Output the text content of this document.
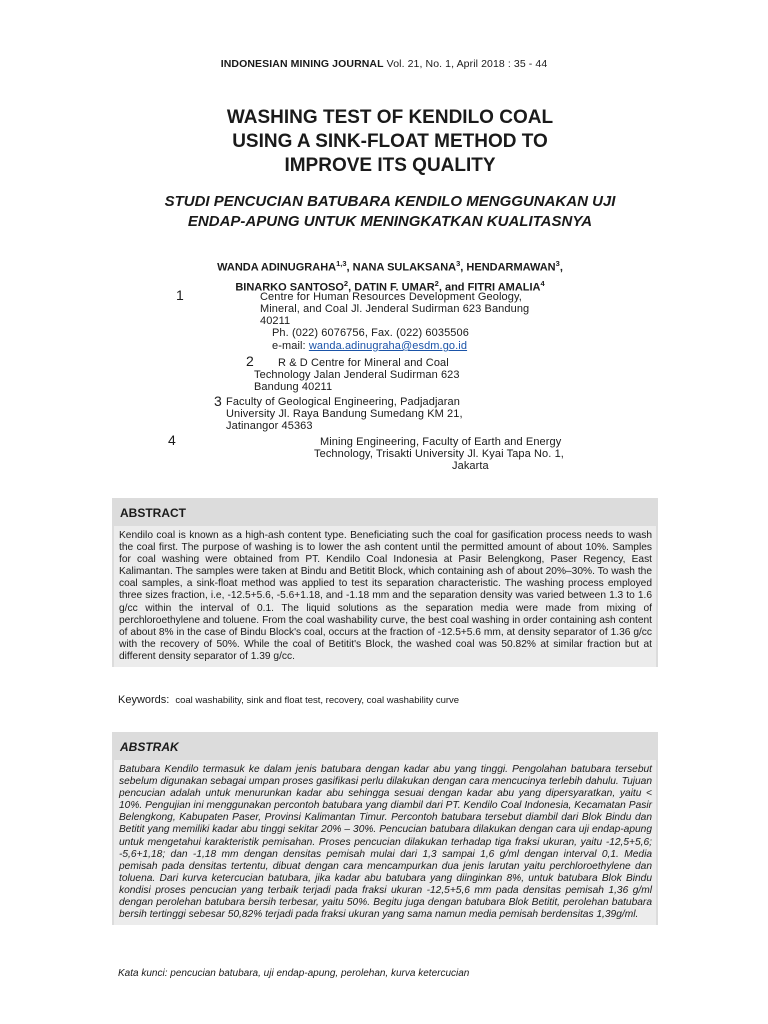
INDONESIAN MINING JOURNAL Vol. 21, No. 1, April 2018 : 35 - 44
WASHING TEST OF KENDILO COAL
USING A SINK-FLOAT METHOD TO
IMPROVE ITS QUALITY
STUDI PENCUCIAN BATUBARA KENDILO MENGGUNAKAN UJI
ENDAP-APUNG UNTUK MENINGKATKAN KUALITASNYA
WANDA ADINUGRAHA$^{1,3}$, NANA SULAKSANA$^3$, HENDARMAWAN$^3$,
BINARKO SANTOSO$^2$, DATIN F. UMAR$^2$, and FITRI AMALIA$^4$
1	Centre for Human Resources Development Geology,
Mineral, and Coal Jl. Jenderal Sudirman 623 Bandung
40211
Ph. (022) 6076756, Fax. (022) 6035506
e-mail: wanda.adinugraha@esdm.go.id
2 R & D Centre for Mineral and Coal
Technology Jalan Jenderal Sudirman 623
Bandung 40211
3 Faculty of Geological Engineering, Padjadjaran
University Jl. Raya Bandung Sumedang KM 21,
Jatinangor 45363
4	Mining Engineering, Faculty of Earth and Energy
Technology, Trisakti University Jl. Kyai Tapa No. 1,
Jakarta
ABSTRACT
Kendilo coal is known as a high-ash content type. Beneficiating such the coal for gasification process needs to wash the coal first. The purpose of washing is to lower the ash content until the permitted amount of about 10%. Samples for coal washing were obtained from PT. Kendilo Coal Indonesia at Pasir Belengkong, Paser Regency, East Kalimantan. The samples were taken at Bindu and Betitit Block, which containing ash of about 20%–30%. To wash the coal samples, a sink-float method was applied to test its separation characteristic. The washing process employed three sizes fraction, i.e, -12.5+5.6, -5.6+1.18, and -1.18 mm and the separation density was varied between 1.3 to 1.6 g/cc within the interval of 0.1. The liquid solutions as the separation media were made from mixing of perchloroethylene and toluene. From the coal washability curve, the best coal washing in order containing ash content of about 8% in the case of Bindu Block's coal, occurs at the fraction of -12.5+5.6 mm, at density separator of 1.36 g/cc with the recovery of 50%. While the coal of Betitit's Block, the washed coal was 50.82% at similar fraction but at different density separator of 1.39 g/cc.
Keywords: coal washability, sink and float test, recovery, coal washability curve
ABSTRAK
Batubara Kendilo termasuk ke dalam jenis batubara dengan kadar abu yang tinggi. Pengolahan batubara tersebut sebelum digunakan sebagai umpan proses gasifikasi perlu dilakukan dengan cara mencucinya terlebih dahulu. Tujuan pencucian adalah untuk menurunkan kadar abu sehingga sesuai dengan kadar abu yang dipersyaratkan, yaitu < 10%. Pengujian ini menggunakan percontoh batubara yang diambil dari PT. Kendilo Coal Indonesia, Kecamatan Pasir Belengkong, Kabupaten Paser, Provinsi Kalimantan Timur. Percontoh batubara tersebut diambil dari Blok Bindu dan Betitit yang memiliki kadar abu tinggi sekitar 20% – 30%. Pencucian batubara dilakukan dengan cara uji endap-apung untuk mengetahui karakteristik pemisahan. Proses pencucian dilakukan terhadap tiga fraksi ukuran, yaitu -12,5+5,6; -5,6+1,18; dan -1,18 mm dengan densitas pemisah mulai dari 1,3 sampai 1,6 g/ml dengan interval 0,1. Media pemisah pada densitas tertentu, dibuat dengan cara mencampurkan dua jenis larutan yaitu perchloroethylene dan toluena. Dari kurva ketercucian batubara, jika kadar abu batubara yang diinginkan 8%, untuk batubara Blok Bindu kondisi proses pencucian yang terbaik terjadi pada fraksi ukuran -12,5+5,6 mm pada densitas pemisah 1,36 g/ml dengan perolehan batubara bersih terbesar, yaitu 50%. Begitu juga dengan batubara Blok Betitit, perolehan batubara bersih tertinggi sebesar 50,82% terjadi pada fraksi ukuran yang sama namun media pemisah berdensitas 1,39g/ml.
Kata kunci: pencucian batubara, uji endap-apung, perolehan, kurva ketercucian
